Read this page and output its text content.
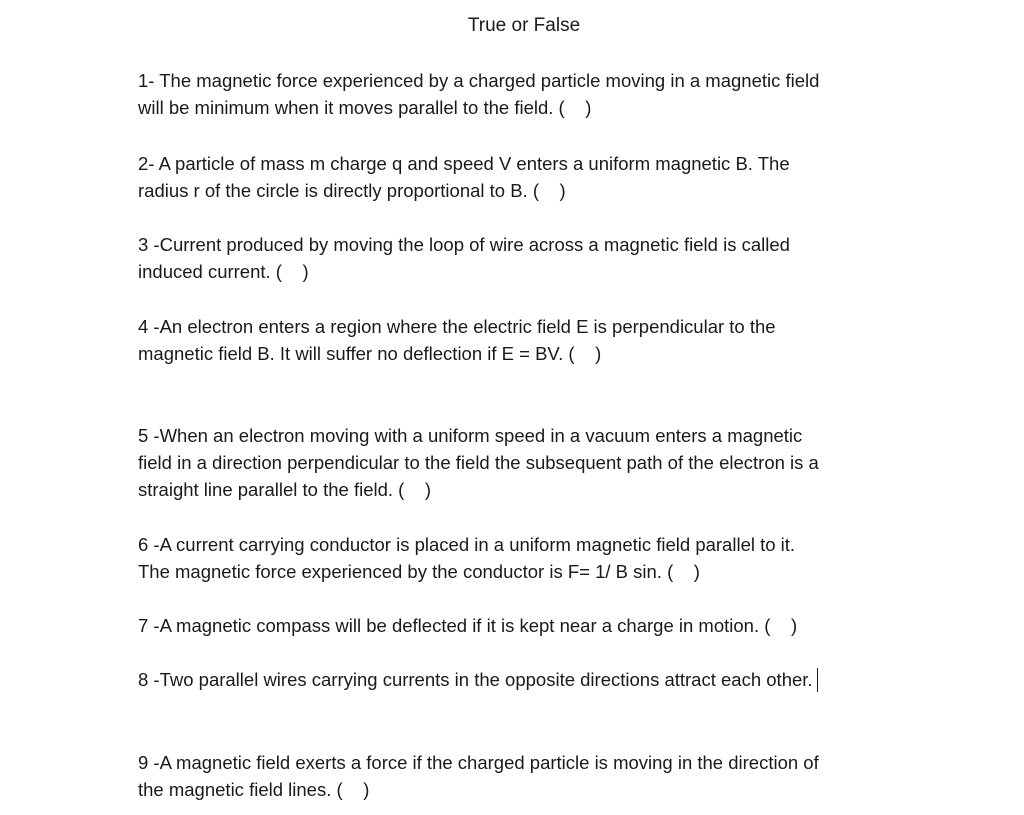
True or False
1- The magnetic force experienced by a charged particle moving in a magnetic field
will be minimum when it moves parallel to the field. (    )
2- A particle of mass m charge q and speed V enters a uniform magnetic B. The
radius r of the circle is directly proportional to B. (    )
3 -Current produced by moving the loop of wire across a magnetic field is called
induced current. (    )
4 -An electron enters a region where the electric field E is perpendicular to the
magnetic field B. It will suffer no deflection if E = BV. (    )
5 -When an electron moving with a uniform speed in a vacuum enters a magnetic
field in a direction perpendicular to the field the subsequent path of the electron is a
straight line parallel to the field. (    )
6 -A current carrying conductor is placed in a uniform magnetic field parallel to it.
The magnetic force experienced by the conductor is F= 1/ B sin. (    )
7 -A magnetic compass will be deflected if it is kept near a charge in motion. (    )
8 -Two parallel wires carrying currents in the opposite directions attract each other.
9 -A magnetic field exerts a force if the charged particle is moving in the direction of
the magnetic field lines. (    )
